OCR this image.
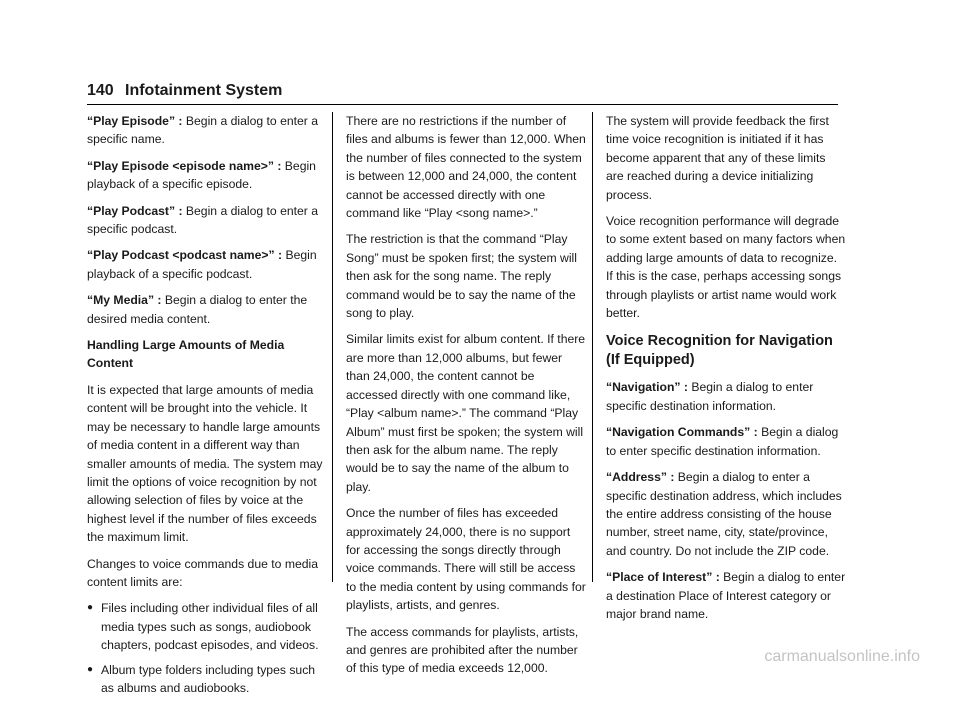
140 Infotainment System

“Play Episode” : Begin a dialog to enter a specific name.

“Play Episode <episode name>” : Begin playback of a specific episode.

“Play Podcast” : Begin a dialog to enter a specific podcast.

“Play Podcast <podcast name>” : Begin playback of a specific podcast.

“My Media” : Begin a dialog to enter the desired media content.

Handling Large Amounts of Media Content

It is expected that large amounts of media content will be brought into the vehicle. It may be necessary to handle large amounts of media content in a different way than smaller amounts of media. The system may limit the options of voice recognition by not allowing selection of files by voice at the highest level if the number of files exceeds the maximum limit.

Changes to voice commands due to media content limits are:

● Files including other individual files of all media types such as songs, audiobook chapters, podcast episodes, and videos.
● Album type folders including types such as albums and audiobooks.

There are no restrictions if the number of files and albums is fewer than 12,000. When the number of files connected to the system is between 12,000 and 24,000, the content cannot be accessed directly with one command like “Play <song name>.”

The restriction is that the command “Play Song” must be spoken first; the system will then ask for the song name. The reply command would be to say the name of the song to play.

Similar limits exist for album content. If there are more than 12,000 albums, but fewer than 24,000, the content cannot be accessed directly with one command like, “Play <album name>.” The command “Play Album” must first be spoken; the system will then ask for the album name. The reply would be to say the name of the album to play.

Once the number of files has exceeded approximately 24,000, there is no support for accessing the songs directly through voice commands. There will still be access to the media content by using commands for playlists, artists, and genres.

The access commands for playlists, artists, and genres are prohibited after the number of this type of media exceeds 12,000.

The system will provide feedback the first time voice recognition is initiated if it has become apparent that any of these limits are reached during a device initializing process.

Voice recognition performance will degrade to some extent based on many factors when adding large amounts of data to recognize. If this is the case, perhaps accessing songs through playlists or artist name would work better.

Voice Recognition for Navigation (If Equipped)

“Navigation” : Begin a dialog to enter specific destination information.

“Navigation Commands” : Begin a dialog to enter specific destination information.

“Address” : Begin a dialog to enter a specific destination address, which includes the entire address consisting of the house number, street name, city, state/province, and country. Do not include the ZIP code.

“Place of Interest” : Begin a dialog to enter a destination Place of Interest category or major brand name.

carmanualsonline.info
